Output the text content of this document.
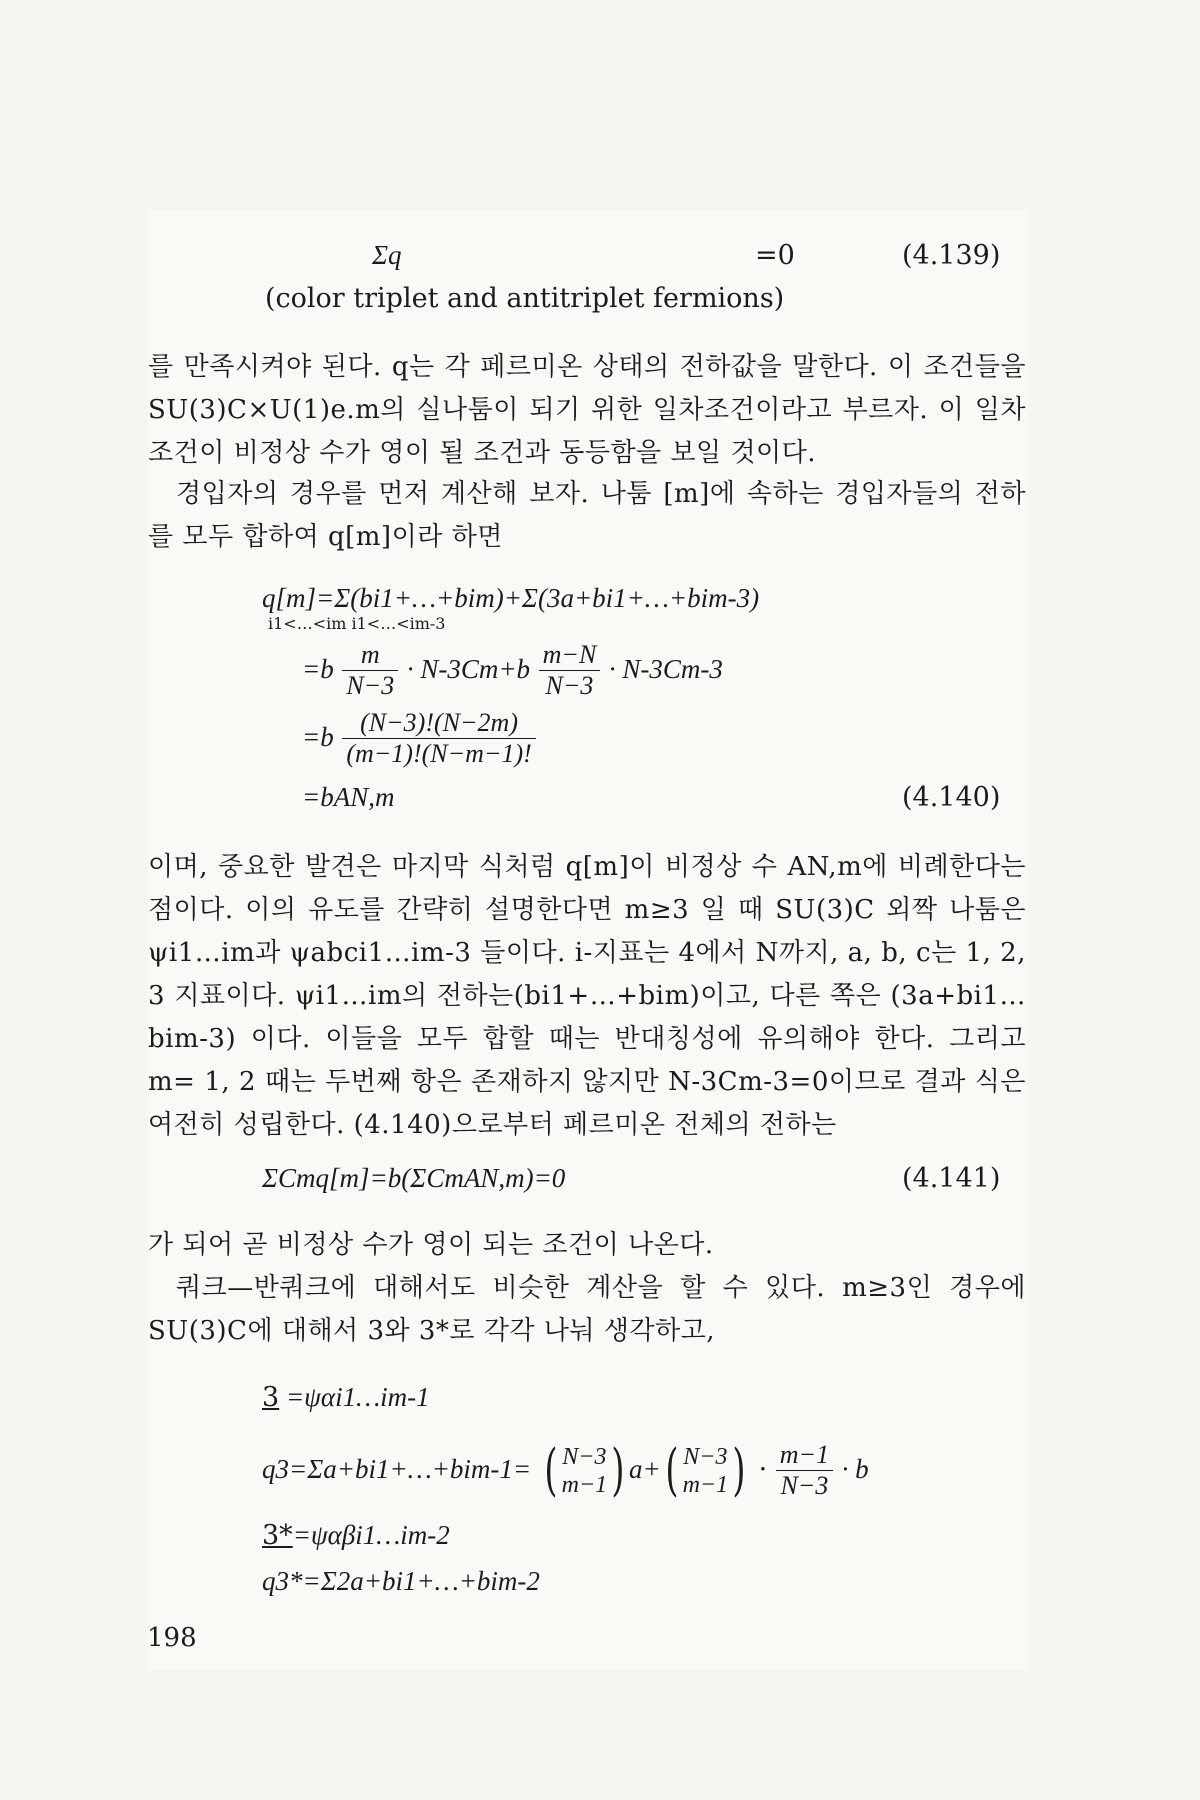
Σq	=0	(4.139)
(color triplet and antitriplet fermions)
를 만족시켜야 된다. q는 각 페르미온 상태의 전하값을 말한다. 이 조건들을 SU(3)C×U(1)e.m의 실나툼이 되기 위한 일차조건이라고 부르자. 이 일차조건이 비정상 수가 영이 될 조건과 동등함을 보일 것이다.
경입자의 경우를 먼저 계산해 보자. 나툼 [m]에 속하는 경입자들의 전하를 모두 합하여 q[m]이라 하면
q[m]=Σ(bi1+…+bim)+Σ(3a+bi1+…+bim-3)
i1<…<im i1<…<im-3
$=b \frac{m}{N-3} \cdot N-3Cm+b \frac{m-N}{N-3} \cdot N-3Cm-3$
$=b \frac{(N-3)!(N-2m)}{(m-1)!(N-m-1)!}$
=bAN,m	(4.140)
이며, 중요한 발견은 마지막 식처럼 q[m]이 비정상 수 AN,m에 비례한다는 점이다. 이의 유도를 간략히 설명한다면 m≥3 일 때 SU(3)C 외짝 나툼은 ψi1…im과 ψabci1…im-3 들이다. i-지표는 4에서 N까지, a, b, c는 1, 2, 3 지표이다. ψi1…im의 전하는(bi1+…+bim)이고, 다른 쪽은 (3a+bi1…bim-3) 이다. 이들을 모두 합할 때는 반대칭성에 유의해야 한다. 그리고 m= 1, 2 때는 두번째 항은 존재하지 않지만 N-3Cm-3=0이므로 결과 식은 여전히 성립한다. (4.140)으로부터 페르미온 전체의 전하는
ΣCmq[m]=b(ΣCmAN,m)=0	(4.141)
가 되어 곧 비정상 수가 영이 되는 조건이 나온다.
쿼크—반쿼크에 대해서도 비슷한 계산을 할 수 있다. m≥3인 경우에 SU(3)C에 대해서 3와 3*로 각각 나눠 생각하고,
3 =ψαi1…im-1
q3=Σa+bi1+…+bim-1= ( N−3
m−1 ) a+( N−3
m−1 ) · $\frac{m-1}{N-3} \cdot b$
3*=ψαβi1…im-2
q3*=Σ2a+bi1+…+bim-2
198
